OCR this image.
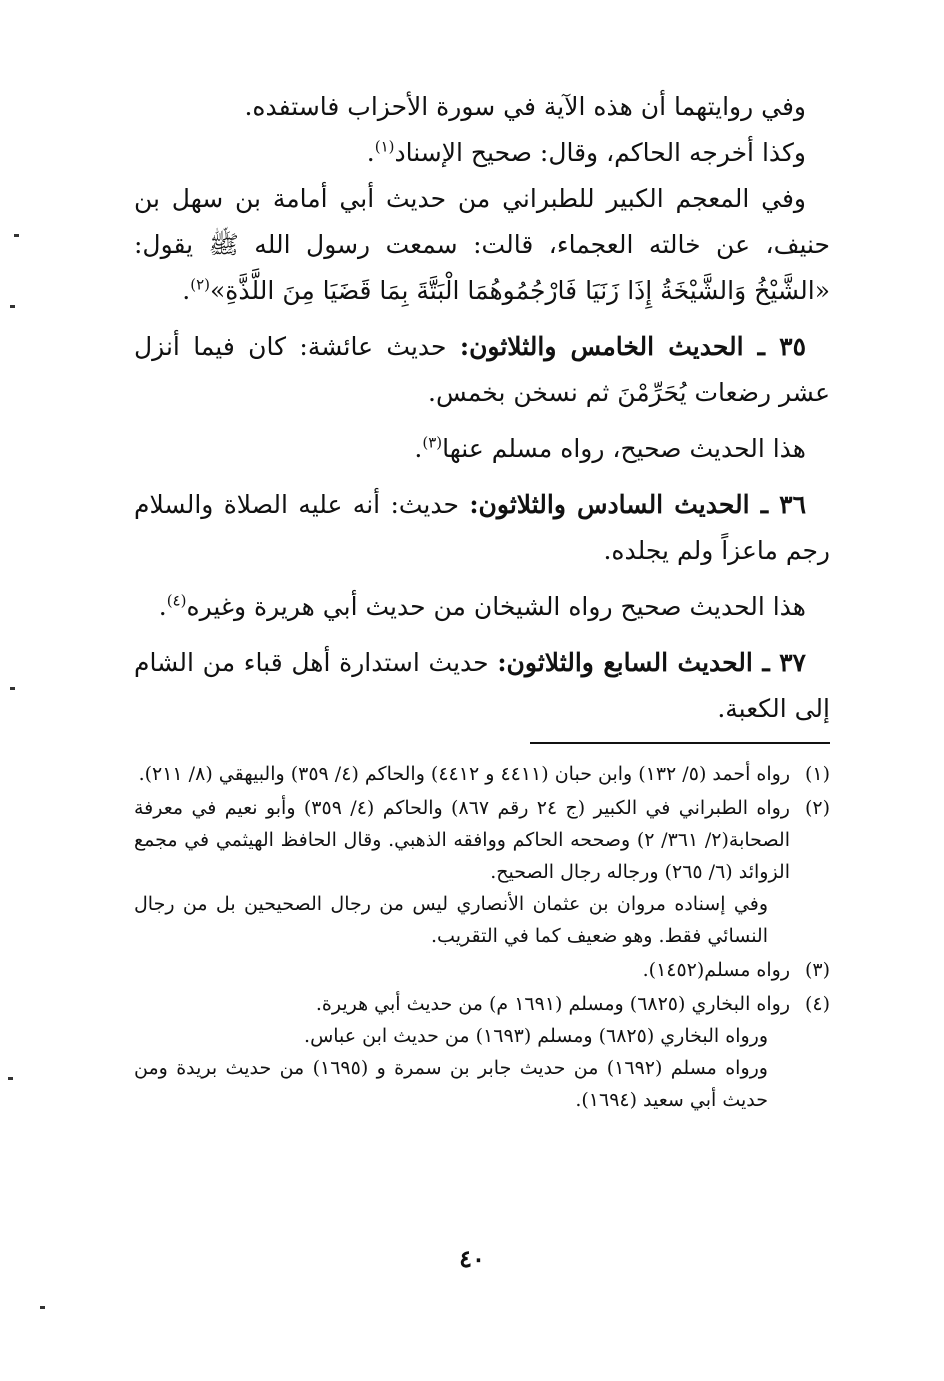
وفي روايتهما أن هذه الآية في سورة الأحزاب فاستفده.

وكذا أخرجه الحاكم، وقال: صحيح الإسناد$^{(١)}$.

وفي المعجم الكبير للطبراني من حديث أبي أمامة بن سهل بن حنيف، عن خالته العجماء، قالت: سمعت رسول الله ﷺ يقول: «الشَّيْخُ وَالشَّيْخَةُ إِذَا زَنَيَا فَارْجُمُوهُمَا الْبَتَّةَ بِمَا قَضَيَا مِنَ اللَّذَّةِ»$^{(٢)}$.

٣٥ ـ الحديث الخامس والثلاثون: حديث عائشة: كان فيما أنزل عشر رضعات يُحَرِّمْنَ ثم نسخن بخمس.

هذا الحديث صحيح، رواه مسلم عنها$^{(٣)}$.

٣٦ ـ الحديث السادس والثلاثون: حديث: أنه عليه الصلاة والسلام رجم ماعزاً ولم يجلده.

هذا الحديث صحيح رواه الشيخان من حديث أبي هريرة وغيره$^{(٤)}$.

٣٧ ـ الحديث السابع والثلاثون: حديث استدارة أهل قباء من الشام إلى الكعبة.

(١)
رواه أحمد (٥/ ١٣٢) وابن حبان (٤٤١١ و ٤٤١٢) والحاكم (٤/ ٣٥٩) والبيهقي (٨/ ٢١١).
(٢)
رواه الطبراني في الكبير (ج ٢٤ رقم ٨٦٧) والحاكم (٤/ ٣٥٩) وأبو نعيم في معرفة الصحابة(٢/ ٣٦١/ ٢) وصححه الحاكم ووافقه الذهبي. وقال الحافظ الهيثمي في مجمع الزوائد (٦/ ٢٦٥) ورجاله رجال الصحيح.
وفي إسناده مروان بن عثمان الأنصاري ليس من رجال الصحيحين بل من رجال النسائي فقط. وهو ضعيف كما في التقريب.
(٣)
رواه مسلم(١٤٥٢).
(٤)
رواه البخاري (٦٨٢٥) ومسلم (١٦٩١ م) من حديث أبي هريرة.
ورواه البخاري (٦٨٢٥) ومسلم (١٦٩٣) من حديث ابن عباس.
ورواه مسلم (١٦٩٢) من حديث جابر بن سمرة و (١٦٩٥) من حديث بريدة ومن حديث أبي سعيد (١٦٩٤).
٤٠
